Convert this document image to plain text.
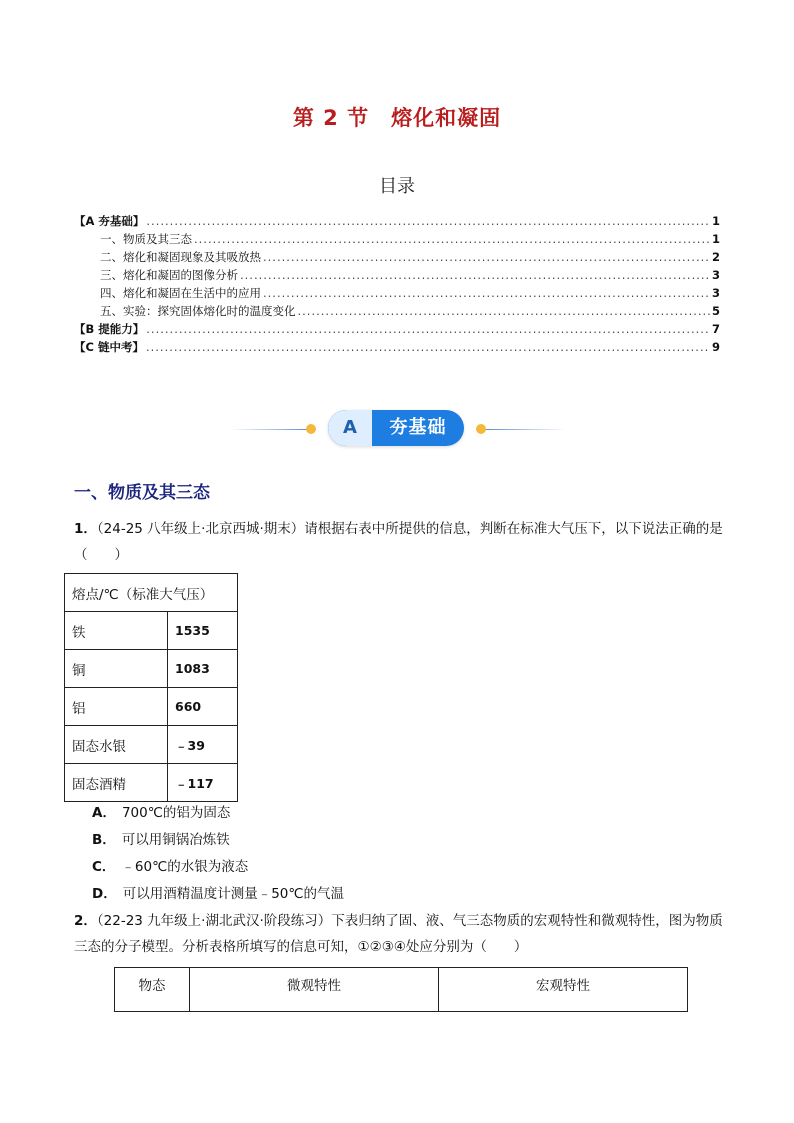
第 2 节　熔化和凝固
目录
【A 夯基础】 .....	1
一、物质及其三态 .....	1
二、熔化和凝固现象及其吸放热 .....	2
三、熔化和凝固的图像分析 .....	3
四、熔化和凝固在生活中的应用 .....	3
五、实验：探究固体熔化时的温度变化 .....	5
【B 提能力】 .....	7
【C 链中考】 .....	9
A	夯基础
一、物质及其三态
1．（24-25 八年级上·北京西城·期末）请根据右表中所提供的信息，判断在标准大气压下，以下说法正确的是（　　）
熔点/℃（标准大气压）	
铁	1535
铜	1083
铝	660
固态水银	﹣39
固态酒精	﹣117
A． 700℃的铝为固态
B． 可以用铜锅冶炼铁
C． ﹣60℃的水银为液态
D． 可以用酒精温度计测量﹣50℃的气温
2．（22-23 九年级上·湖北武汉·阶段练习）下表归纳了固、液、气三态物质的宏观特性和微观特性，图为物质三态的分子模型。分析表格所填写的信息可知，①②③④处应分别为（　　）
物态	微观特性	宏观特性
